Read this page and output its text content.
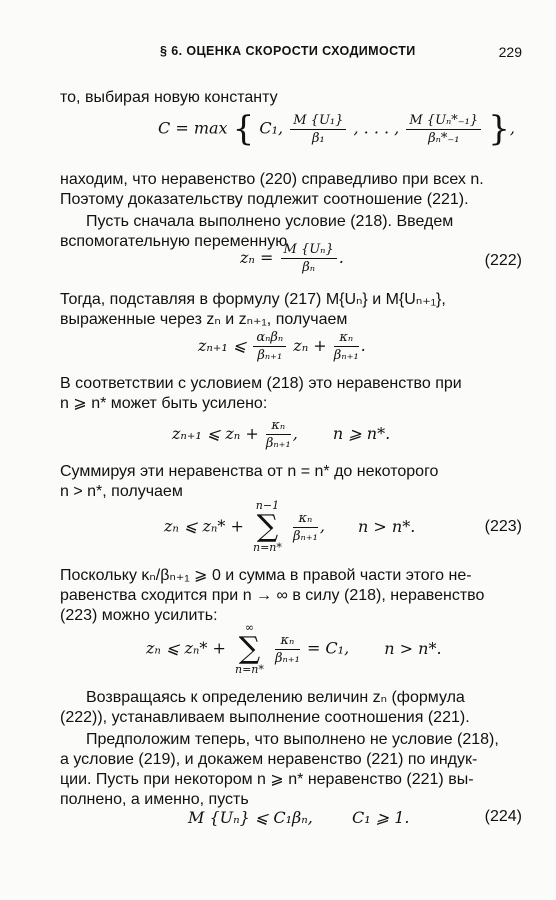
§ 6. ОЦЕНКА СКОРОСТИ СХОДИМОСТИ	229
то, выбирая новую константу
C = max { C₁, $\frac{\text{M \{U₁\}}}{\text{β₁}}$ , . . . , $\frac{\text{M \{Uₙ*₋₁\}}}{\text{βₙ*₋₁}}$ },
находим, что неравенство (220) справедливо при всех n.
Поэтому доказательству подлежит соотношение (221).
Пусть сначала выполнено условие (218). Введем
вспомогательную переменную
$z_n = \frac{\text{M \{Uₙ\}}}{\text{βₙ}}$ .	(222)
Тогда, подставляя в формулу (217) M{Uₙ} и M{Uₙ₊₁},
выраженные через zₙ и zₙ₊₁, получаем
zₙ₊₁ ⩽ $\frac{\text{αₙβₙ}}{\text{βₙ₊₁}}$ $z_n + \frac{\text{κₙ}}{\text{βₙ₊₁}}$ .
В соответствии с условием (218) это неравенство при
n ⩾ n* может быть усилено:
zₙ₊₁ ⩽ $z_n + \frac{\text{κₙ}}{\text{βₙ₊₁}}$ , n ⩾ n*.
Суммируя эти неравенства от n = n* до некоторого
n > n*, получаем
zₙ ⩽ zₙ* +
n−1
∑
n=n*

$\frac{\text{κₙ}}{\text{βₙ₊₁}}$ , n > n*.	(223)
Поскольку κₙ/βₙ₊₁ ⩾ 0 и сумма в правой части этого не-
равенства сходится при n → ∞ в силу (218), неравенство
(223) можно усилить:
zₙ ⩽ zₙ* +
∞
∑
n=n*

$\frac{\text{κₙ}}{\text{βₙ₊₁}} = C_1$, n > n*.
Возвращаясь к определению величин zₙ (формула
(222)), устанавливаем выполнение соотношения (221).
Предположим теперь, что выполнено не условие (218),
а условие (219), и докажем неравенство (221) по индук-
ции. Пусть при некотором n ⩾ n* неравенство (221) вы-
полнено, а именно, пусть
M {Uₙ} ⩽ C₁βₙ, C₁ ⩾ 1.	(224)
